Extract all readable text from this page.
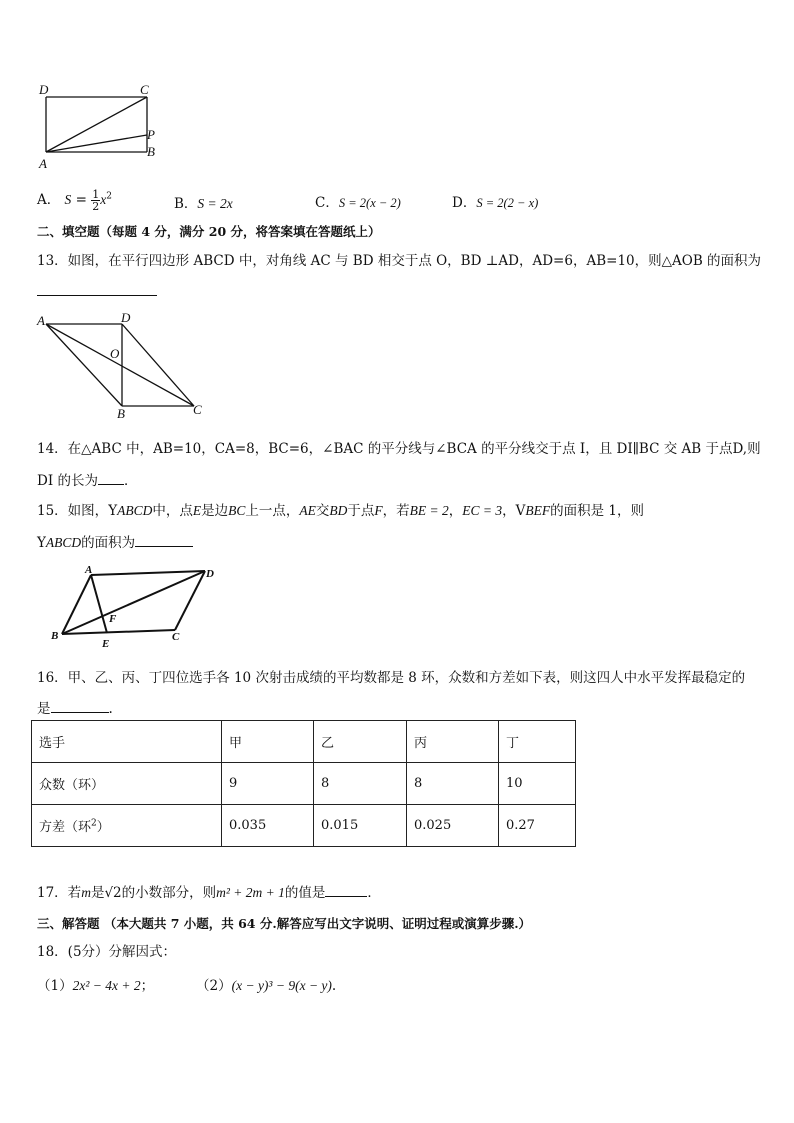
D	C
P
B
A
A． $S = \frac{1}{2} x^2$	B．S = 2x	C．S = 2(x − 2)	D．S = 2(2 − x)
二、填空题（每题 4 分，满分 20 分，将答案填在答题纸上）
13．如图，在平行四边形 ABCD 中，对角线 AC 与 BD 相交于点 O，BD ⊥AD，AD=6，AB=10，则△AOB 的面积为
A	D
O
B	C
14．在△ABC 中，AB=10，CA=8，BC=6，∠BAC 的平分线与∠BCA 的平分线交于点 I，且 DI∥BC 交 AB 于点D,则
DI 的长为 ．
15．如图，YABCD中，点E是边BC上一点，AE交BD于点F，若BE = 2，EC = 3，VBEF的面积是 1，则
YABCD的面积为
A	D
F
B
E
C
16．甲、乙、丙、丁四位选手各 10 次射击成绩的平均数都是 8 环，众数和方差如下表，则这四人中水平发挥最稳定的
是	.
选手	甲	乙	丙	丁
众数（环）	9	8	8	10
方差（环$^2$）	0.035	0.015	0.025	0.27
17．若m是√2的小数部分，则m² + 2m + 1的值是	．
三、解答题 （本大题共 7 小题，共 64 分.解答应写出文字说明、证明过程或演算步骤.）
18．(5分）分解因式：
（1）2x² − 4x + 2；	（2）(x − y)³ − 9(x − y).
